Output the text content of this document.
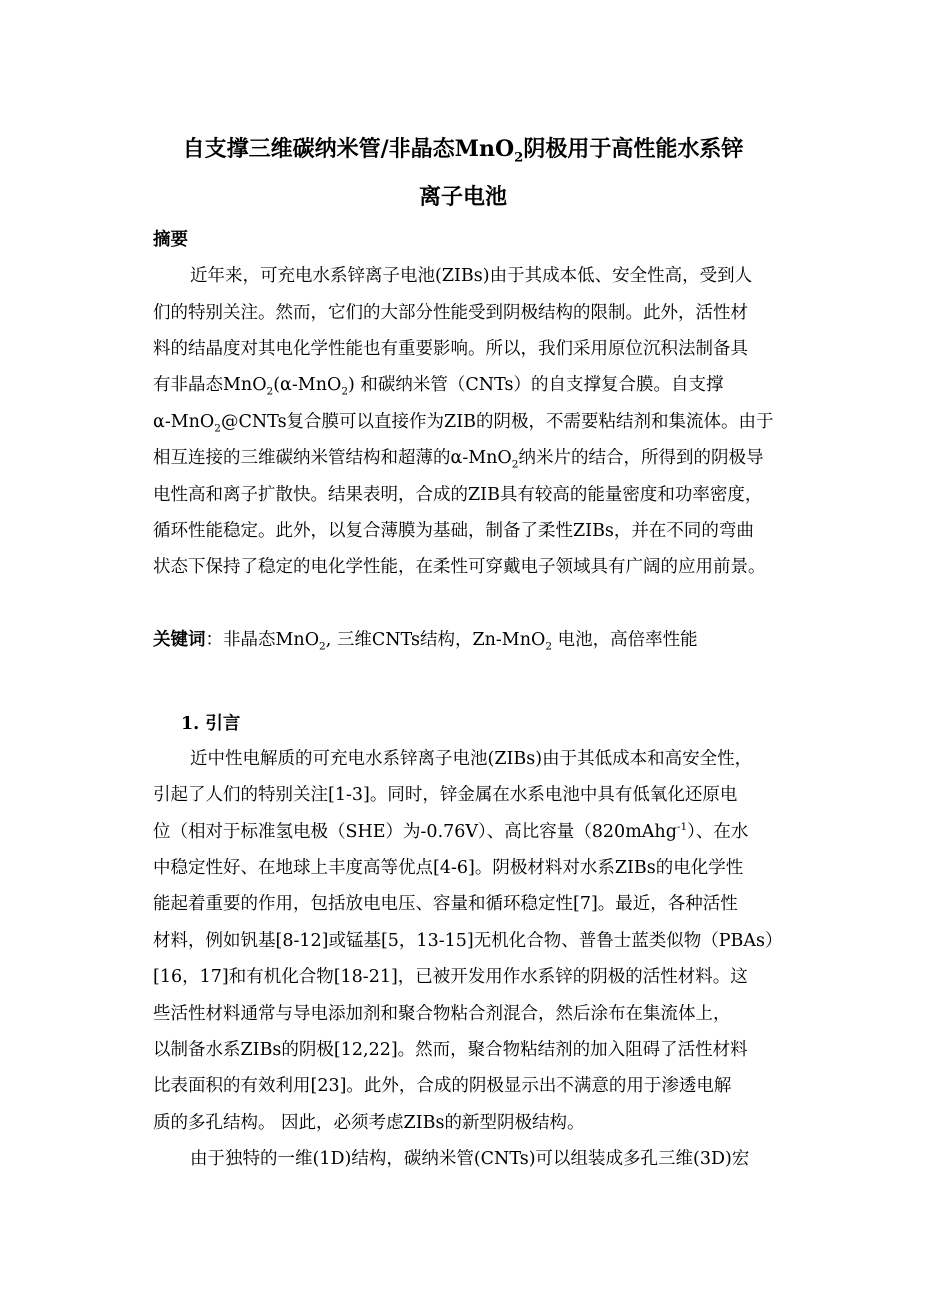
自支撑三维碳纳米管/非晶态MnO$_2$阴极用于高性能水系锌
离子电池
摘要
近年来，可充电水系锌离子电池(ZIBs)由于其成本低、安全性高，受到人
们的特别关注。然而，它们的大部分性能受到阴极结构的限制。此外，活性材
料的结晶度对其电化学性能也有重要影响。所以，我们采用原位沉积法制备具
有非晶态MnO$_2$(α-MnO$_2$) 和碳纳米管（CNTs）的自支撑复合膜。自支撑
α-MnO$_2$@CNTs复合膜可以直接作为ZIB的阴极，不需要粘结剂和集流体。由于
相互连接的三维碳纳米管结构和超薄的α-MnO$_2$纳米片的结合，所得到的阴极导
电性高和离子扩散快。结果表明，合成的ZIB具有较高的能量密度和功率密度，
循环性能稳定。此外，以复合薄膜为基础，制备了柔性ZIBs，并在不同的弯曲
状态下保持了稳定的电化学性能，在柔性可穿戴电子领域具有广阔的应用前景。
关键词：非晶态MnO$_2$, 三维CNTs结构，Zn-MnO$_2$ 电池，高倍率性能
1. 引言
近中性电解质的可充电水系锌离子电池(ZIBs)由于其低成本和高安全性，
引起了人们的特别关注[1-3]。同时，锌金属在水系电池中具有低氧化还原电
位（相对于标准氢电极（SHE）为-0.76V）、高比容量（820mAhg$^{-1}$）、在水
中稳定性好、在地球上丰度高等优点[4-6]。阴极材料对水系ZIBs的电化学性
能起着重要的作用，包括放电电压、容量和循环稳定性[7]。最近，各种活性
材料，例如钒基[8-12]或锰基[5，13-15]无机化合物、普鲁士蓝类似物（PBAs）
[16，17]和有机化合物[18-21]，已被开发用作水系锌的阴极的活性材料。这
些活性材料通常与导电添加剂和聚合物粘合剂混合，然后涂布在集流体上，
以制备水系ZIBs的阴极[12,22]。然而，聚合物粘结剂的加入阻碍了活性材料
比表面积的有效利用[23]。此外，合成的阴极显示出不满意的用于渗透电解
质的多孔结构。 因此，必须考虑ZIBs的新型阴极结构。
由于独特的一维(1D)结构，碳纳米管(CNTs)可以组装成多孔三维(3D)宏
